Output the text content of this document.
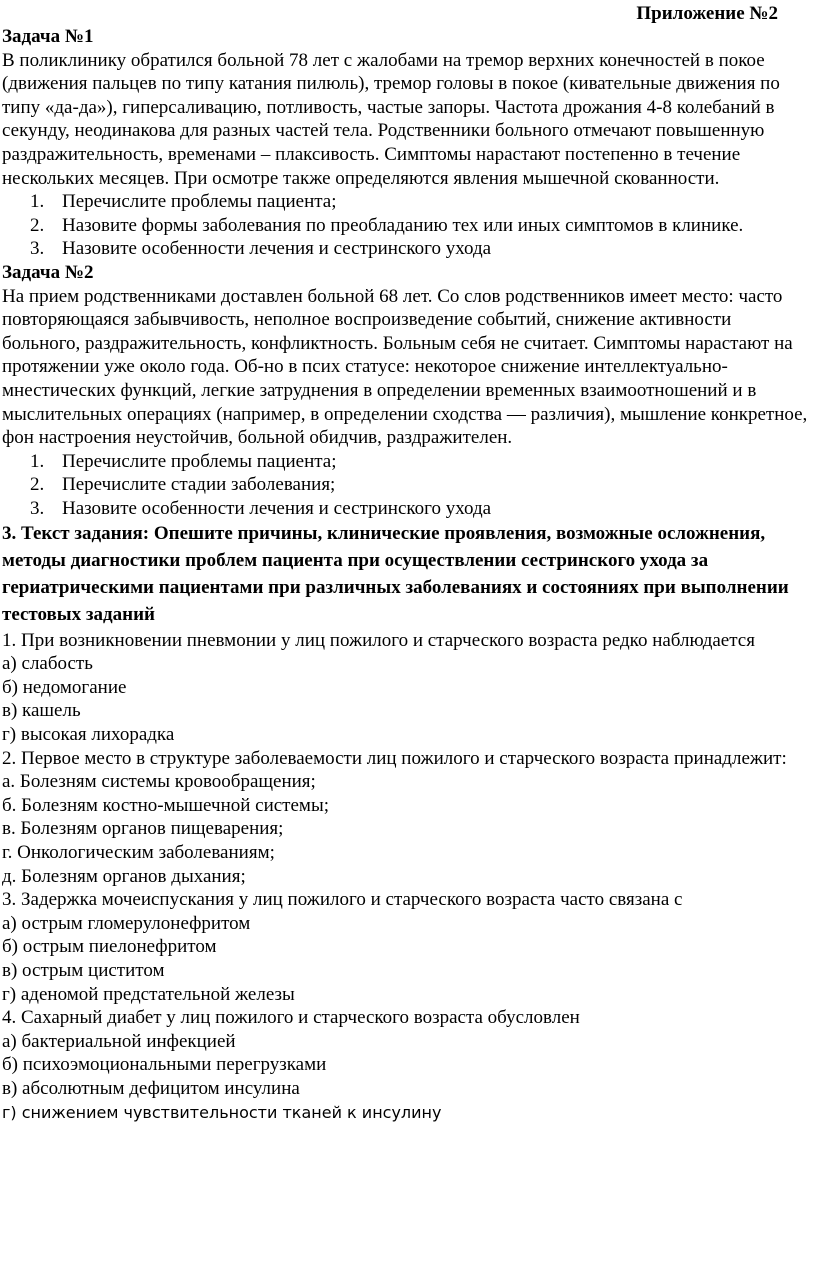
Приложение №2
Задача №1

В поликлинику обратился больной 78 лет с жалобами на тремор верхних конечностей в покое (движения пальцев по типу катания пилюль), тремор головы в покое (кивательные движения по типу «да-да»), гиперсаливацию, потливость, частые запоры. Частота дрожания 4-8 колебаний в секунду, неодинакова для разных частей тела. Родственники больного отмечают повышенную раздражительность, временами – плаксивость. Симптомы нарастают постепенно в течение нескольких месяцев. При осмотре также определяются явления мышечной скованности.

1. Перечислите проблемы пациента;
2. Назовите формы заболевания по преобладанию тех или иных симптомов в клинике.
3. Назовите особенности лечения и сестринского ухода
Задача №2

На прием родственниками доставлен больной 68 лет. Со слов родственников имеет место: часто повторяющаяся забывчивость, неполное воспроизведение событий, снижение активности больного, раздражительность, конфликтность. Больным себя не считает. Симптомы нарастают на протяжении уже около года. Об-но в псих статусе: некоторое снижение интеллектуально-мнестических функций, легкие затруднения в определении временных взаимоотношений и в мыслительных операциях (например, в определении сходства — различия), мышление конкретное, фон настроения неустойчив, больной обидчив, раздражителен.

1. Перечислите проблемы пациента;
2. Перечислите стадии заболевания;
3. Назовите особенности лечения и сестринского ухода
3. Текст задания: Опешите причины, клинические проявления, возможные осложнения, методы диагностики проблем пациента при осуществлении сестринского ухода за гериатрическими пациентами при различных заболеваниях и состояниях при выполнении тестовых заданий

1. При возникновении пневмонии у лиц пожилого и старческого возраста редко наблюдается

а) слабость
б) недомогание
в) кашель
г) высокая лихорадка

2. Первое место в структуре заболеваемости лиц пожилого и старческого возраста принадлежит:

а. Болезням системы кровообращения;
б. Болезням костно-мышечной системы;
в. Болезням органов пищеварения;
г. Онкологическим заболеваниям;
д. Болезням органов дыхания;

3. Задержка мочеиспускания у лиц пожилого и старческого возраста часто связана с

а) острым гломерулонефритом
б) острым пиелонефритом
в) острым циститом
г) аденомой предстательной железы

4. Сахарный диабет у лиц пожилого и старческого возраста обусловлен

а) бактериальной инфекцией
б) психоэмоциональными перегрузками
в) абсолютным дефицитом инсулина
г) снижением чувствительности тканей к инсулину
